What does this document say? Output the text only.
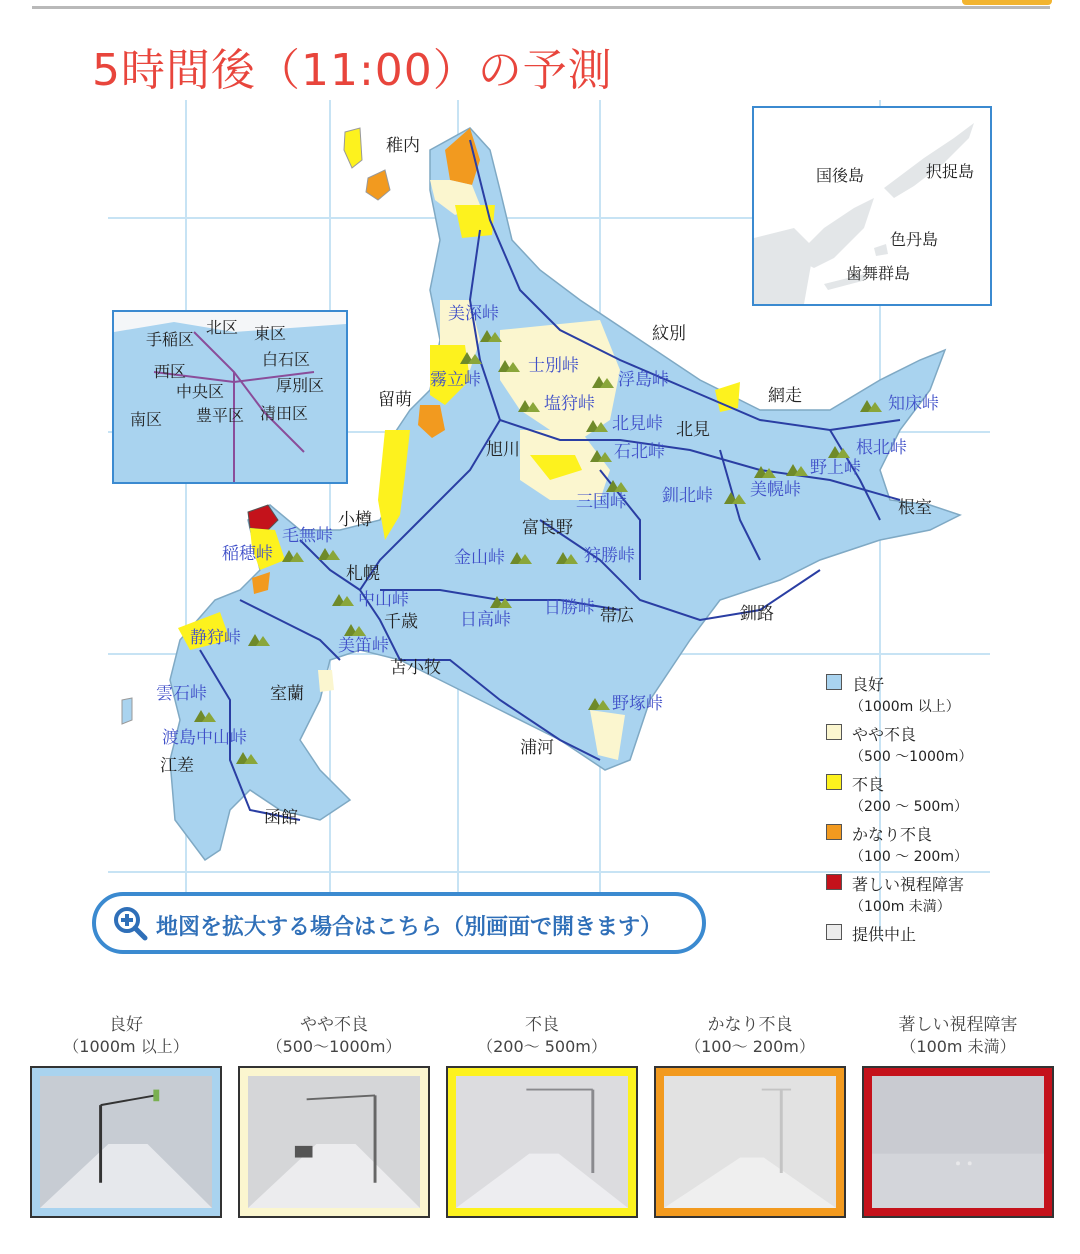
5時間後（11:00）の予測
手稲区
北区 東区
白石区
西区
中央区	厚別区
南区 豊平区 清田区
国後島	択捉島
色丹島
歯舞群島
稚内
紋別
網走
留萌
旭川
北見
小樽	富良野
根室
札幌
千歳	帯広	釧路
苫小牧
室蘭
浦河
江差
函館
美深峠
士別峠
霧立峠	浮島峠
塩狩峠
北見峠
石北峠
知床峠
根北峠
野上峠
美幌峠
釧北峠
三国峠
毛無峠
稲穂峠	金山峠	狩勝峠
中山峠
日高峠
日勝峠
美笛峠
静狩峠
雲石峠	野塚峠
渡島中山峠
良好
（1000m 以上）
やや不良
（500 ～1000m）
不良
（200 ～ 500m）
かなり不良
（100 ～ 200m）
著しい視程障害
（100m 未満）
提供中止
地図を拡大する場合はこちら（別画面で開きます）
良好
（1000m 以上）
やや不良
（500～1000m）
不良
（200～ 500m）
かなり不良
（100～ 200m）
著しい視程障害
（100m 未満）
